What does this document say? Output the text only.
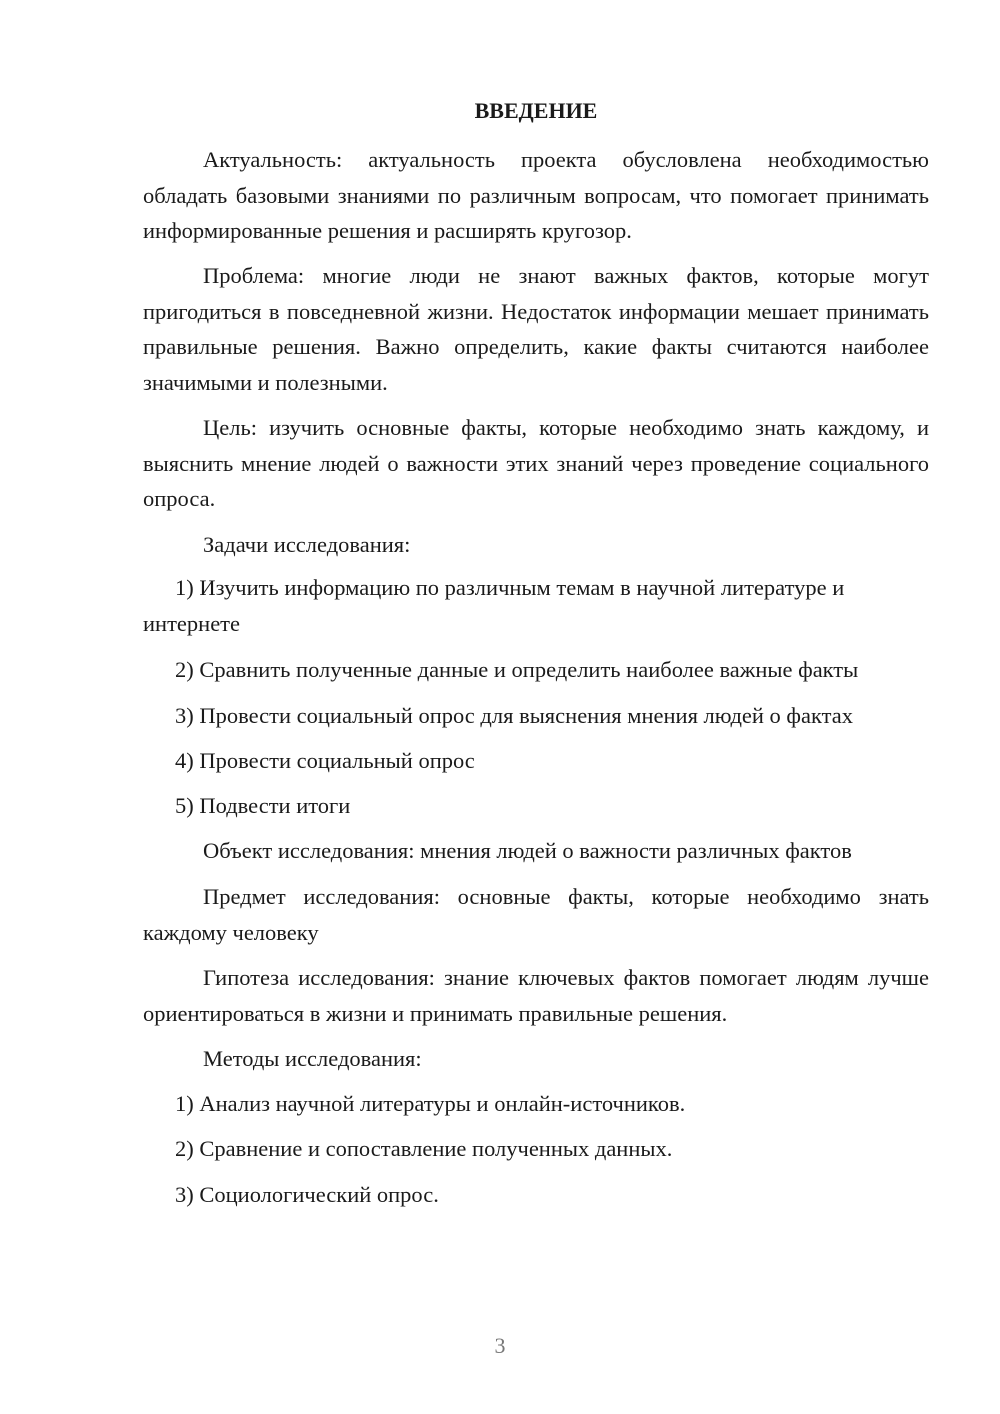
ВВЕДЕНИЕ

Актуальность: актуальность проекта обусловлена необходимостью обладать базовыми знаниями по различным вопросам, что помогает принимать информированные решения и расширять кругозор.

Проблема: многие люди не знают важных фактов, которые могут пригодиться в повседневной жизни. Недостаток информации мешает принимать правильные решения. Важно определить, какие факты считаются наиболее значимыми и полезными.

Цель: изучить основные факты, которые необходимо знать каждому, и выяснить мнение людей о важности этих знаний через проведение социального опроса.

Задачи исследования:

1) Изучить информацию по различным темам в научной литературе и интернете

2) Сравнить полученные данные и определить наиболее важные факты

3) Провести социальный опрос для выяснения мнения людей о фактах

4) Провести социальный опрос

5) Подвести итоги

Объект исследования: мнения людей о важности различных фактов

Предмет исследования: основные факты, которые необходимо знать каждому человеку

Гипотеза исследования: знание ключевых фактов помогает людям лучше ориентироваться в жизни и принимать правильные решения.

Методы исследования:

1) Анализ научной литературы и онлайн-источников.

2) Сравнение и сопоставление полученных данных.

3) Социологический опрос.

3
